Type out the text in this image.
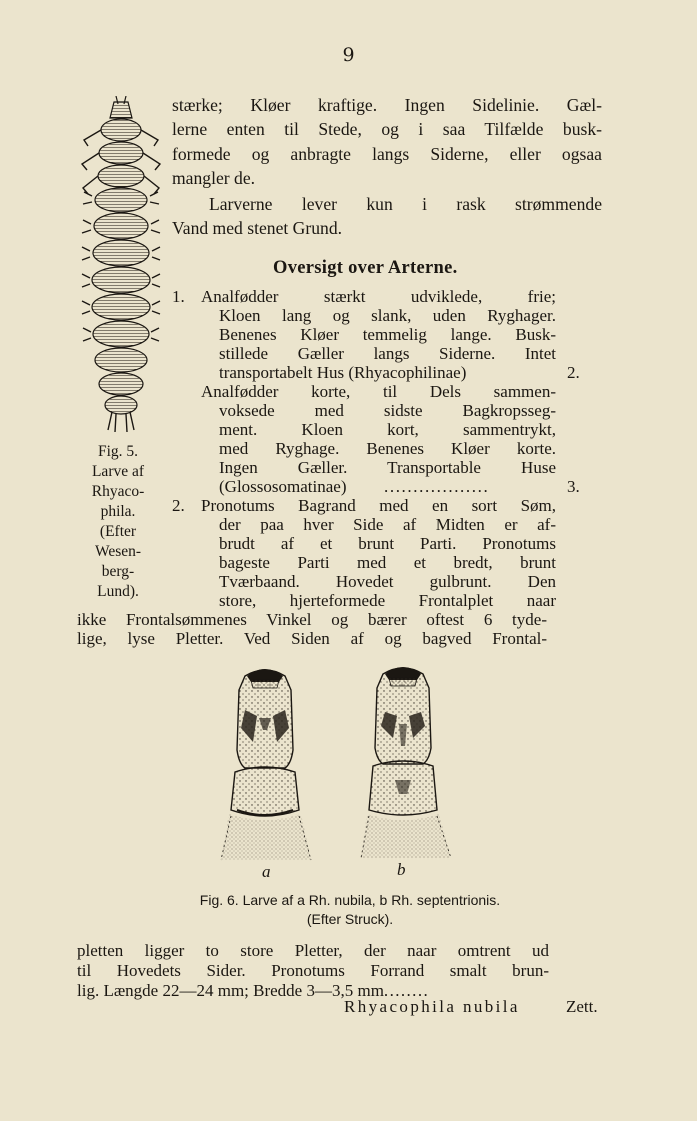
9
Fig. 5.
Larve af
Rhyaco-
phila.
(Efter
Wesen-
berg-
Lund).
stærke; Kløer kraftige. Ingen Sidelinie. Gæl-
lerne enten til Stede, og i saa Tilfælde busk-
formede og anbragte langs Siderne, eller ogsaa
mangler de.
Larverne lever kun i rask strømmende
Vand med stenet Grund.
Oversigt over Arterne.
1. Analfødder stærkt udviklede, frie;
Kloen lang og slank, uden Ryghager.
Benenes Kløer temmelig lange. Busk-
stillede Gæller langs Siderne. Intet
transportabelt Hus (Rhyacophilinae)	2.
Analfødder korte, til Dels sammen-
voksede med sidste Bagkropsseg-
ment. Kloen kort, sammentrykt,
med Ryghage. Benenes Kløer korte.
Ingen Gæller. Transportable Huse
(Glossosomatinae) ..................	3.
2. Pronotums Bagrand med en sort Søm,
der paa hver Side af Midten er af-
brudt af et brunt Parti. Pronotums
bageste Parti med et bredt, brunt
Tværbaand. Hovedet gulbrunt. Den
store, hjerteformede Frontalplet naar
ikke Frontalsømmenes Vinkel og bærer oftest 6 tyde-
lige, lyse Pletter. Ved Siden af og bagved Frontal-
a	b
Fig. 6. Larve af a Rh. nubila, b Rh. septentrionis.
(Efter Struck).
pletten ligger to store Pletter, der naar omtrent ud
til Hovedets Sider. Pronotums Forrand smalt brun-
lig. Længde 22—24 mm; Bredde 3—3,5 mm........
Rhyacophila nubila	Zett.
